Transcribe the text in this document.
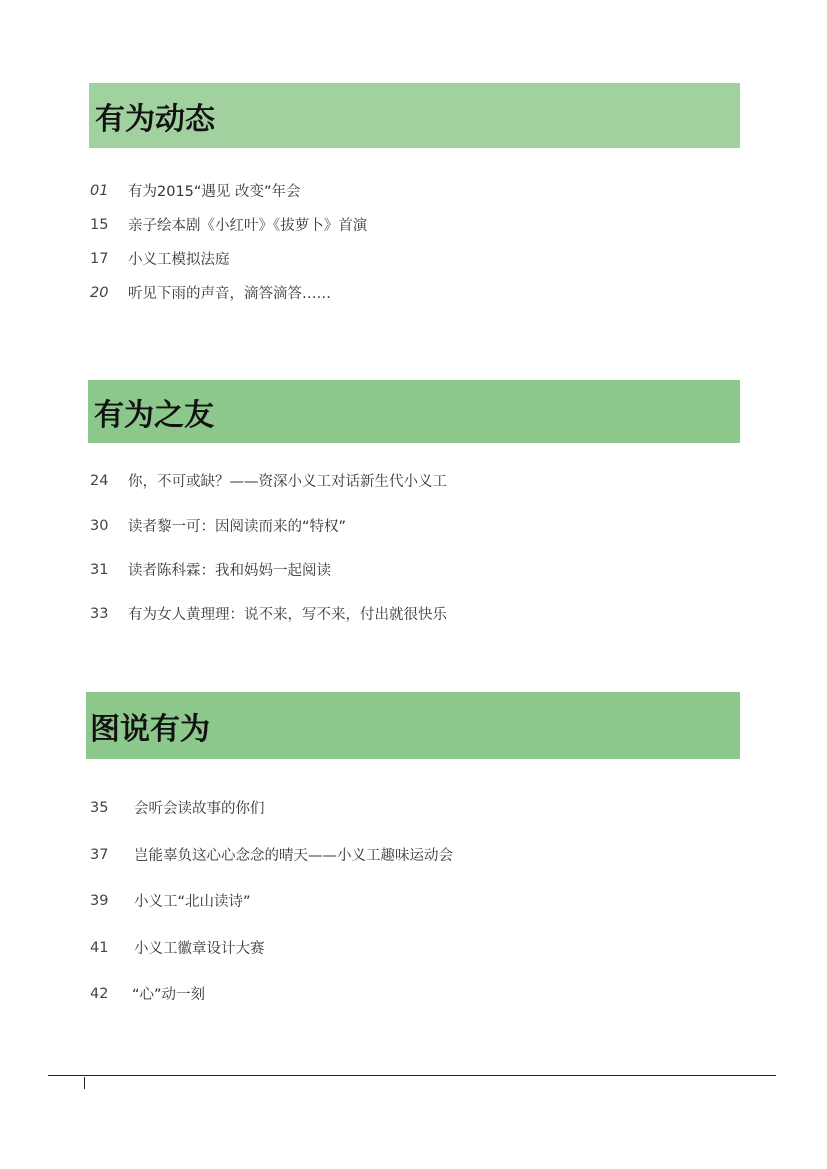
有为动态
01	有为2015“遇见 改变”年会
15	亲子绘本剧《小红叶》《拔萝卜》首演
17	小义工模拟法庭
20	听见下雨的声音，滴答滴答……
有为之友
24	你，不可或缺？——资深小义工对话新生代小义工
30	读者黎一可：因阅读而来的“特权”
31	读者陈科霖：我和妈妈一起阅读
33	有为女人黄理理：说不来，写不来，付出就很快乐
图说有为
35	会听会读故事的你们
37	岂能辜负这心心念念的晴天——小义工趣味运动会
39	小义工“北山读诗”
41	小义工徽章设计大赛
42	“心”动一刻
